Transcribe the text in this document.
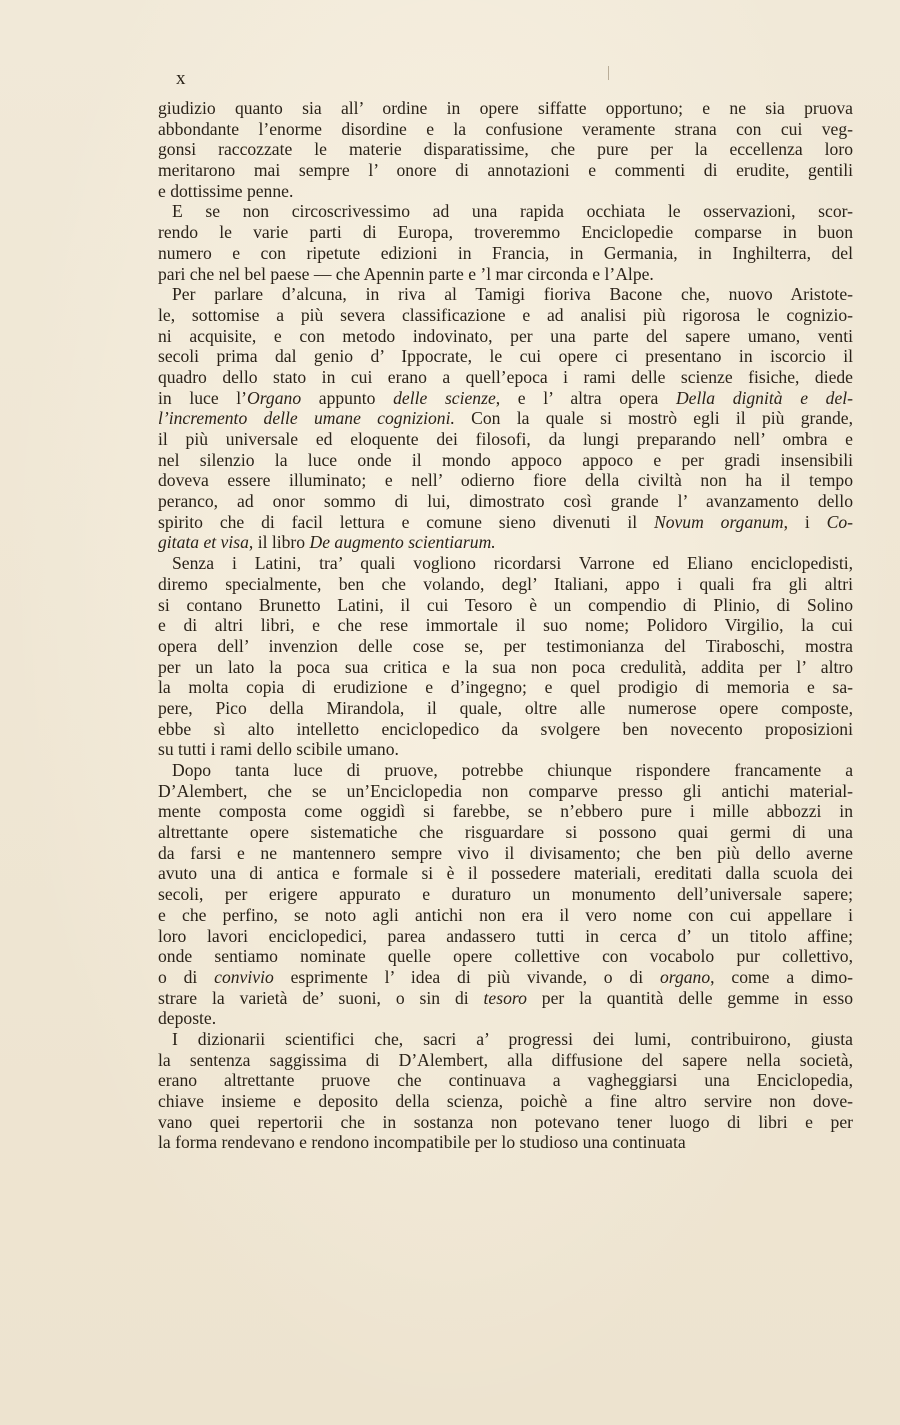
x
giudizio quanto sia all’ ordine in opere siffatte opportuno; e ne sia pruova
abbondante l’enorme disordine e la confusione veramente strana con cui veg-
gonsi raccozzate le materie disparatissime, che pure per la eccellenza loro
meritarono mai sempre l’ onore di annotazioni e commenti di erudite, gentili
e dottissime penne.
E se non circoscrivessimo ad una rapida occhiata le osservazioni, scor-
rendo le varie parti di Europa, troveremmo Enciclopedie comparse in buon
numero e con ripetute edizioni in Francia, in Germania, in Inghilterra, del
pari che nel bel paese — che Apennin parte e ’l mar circonda e l’Alpe.
Per parlare d’alcuna, in riva al Tamigi fioriva Bacone che, nuovo Aristote-
le, sottomise a più severa classificazione e ad analisi più rigorosa le cognizio-
ni acquisite, e con metodo indovinato, per una parte del sapere umano, venti
secoli prima dal genio d’ Ippocrate, le cui opere ci presentano in iscorcio il
quadro dello stato in cui erano a quell’epoca i rami delle scienze fisiche, diede
in luce l’Organo appunto delle scienze, e l’ altra opera Della dignità e del-
l’incremento delle umane cognizioni. Con la quale si mostrò egli il più grande,
il più universale ed eloquente dei filosofi, da lungi preparando nell’ ombra e
nel silenzio la luce onde il mondo appoco appoco e per gradi insensibili
doveva essere illuminato; e nell’ odierno fiore della civiltà non ha il tempo
peranco, ad onor sommo di lui, dimostrato così grande l’ avanzamento dello
spirito che di facil lettura e comune sieno divenuti il Novum organum, i Co-
gitata et visa, il libro De augmento scientiarum.
Senza i Latini, tra’ quali vogliono ricordarsi Varrone ed Eliano enciclopedisti,
diremo specialmente, ben che volando, degl’ Italiani, appo i quali fra gli altri
si contano Brunetto Latini, il cui Tesoro è un compendio di Plinio, di Solino
e di altri libri, e che rese immortale il suo nome; Polidoro Virgilio, la cui
opera dell’ invenzion delle cose se, per testimonianza del Tiraboschi, mostra
per un lato la poca sua critica e la sua non poca credulità, addita per l’ altro
la molta copia di erudizione e d’ingegno; e quel prodigio di memoria e sa-
pere, Pico della Mirandola, il quale, oltre alle numerose opere composte,
ebbe sì alto intelletto enciclopedico da svolgere ben novecento proposizioni
su tutti i rami dello scibile umano.
Dopo tanta luce di pruove, potrebbe chiunque rispondere francamente a
D’Alembert, che se un’Enciclopedia non comparve presso gli antichi material-
mente composta come oggidì si farebbe, se n’ebbero pure i mille abbozzi in
altrettante opere sistematiche che risguardare si possono quai germi di una
da farsi e ne mantennero sempre vivo il divisamento; che ben più dello averne
avuto una di antica e formale si è il possedere materiali, ereditati dalla scuola dei
secoli, per erigere appurato e duraturo un monumento dell’universale sapere;
e che perfino, se noto agli antichi non era il vero nome con cui appellare i
loro lavori enciclopedici, parea andassero tutti in cerca d’ un titolo affine;
onde sentiamo nominate quelle opere collettive con vocabolo pur collettivo,
o di convivio esprimente l’ idea di più vivande, o di organo, come a dimo-
strare la varietà de’ suoni, o sin di tesoro per la quantità delle gemme in esso
deposte.
I dizionarii scientifici che, sacri a’ progressi dei lumi, contribuirono, giusta
la sentenza saggissima di D’Alembert, alla diffusione del sapere nella società,
erano altrettante pruove che continuava a vagheggiarsi una Enciclopedia,
chiave insieme e deposito della scienza, poichè a fine altro servire non dove-
vano quei repertorii che in sostanza non potevano tener luogo di libri e per
la forma rendevano e rendono incompatibile per lo studioso una continuata
